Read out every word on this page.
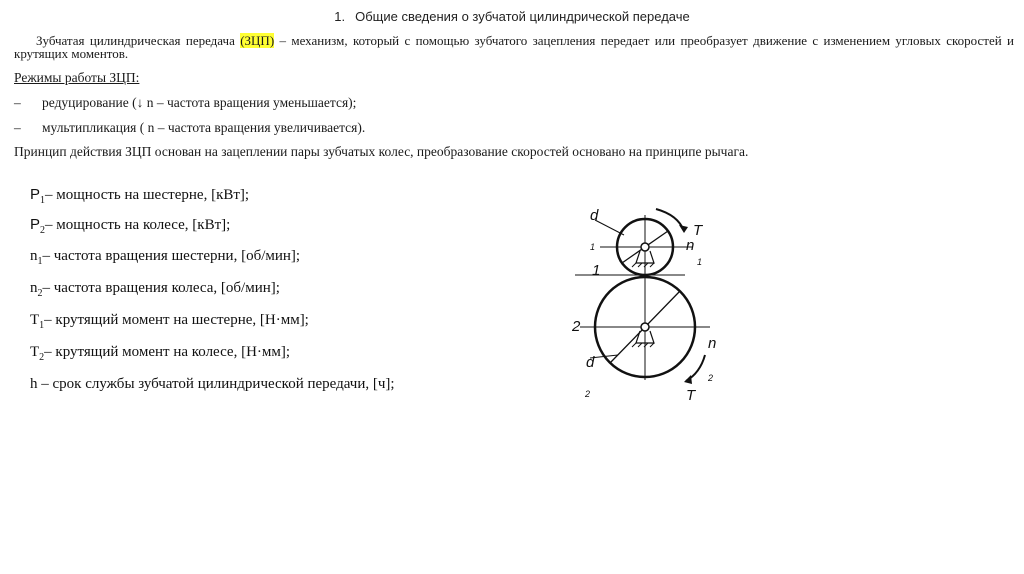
1. Общие сведения о зубчатой цилиндрической передаче
Зубчатая цилиндрическая передача (ЗЦП) – механизм, который с помощью зубчатого зацепления передает или преобразует движение с изменением угловых скоростей и крутящих моментов.
Режимы работы ЗЦП:
– редуцирование (↓ n – частота вращения уменьшается);
– мультипликация ( n – частота вращения увеличивается).
Принцип действия ЗЦП основан на зацеплении пары зубчатых колес, преобразование скоростей основано на принципе рычага.
$P_1-$ мощность на шестерне, [кВт];
$P_2-$ мощность на колесе, [кВт];
$n_1-$ частота вращения шестерни, [об/мин];
$n_2-$ частота вращения колеса, [об/мин];
$T_1-$ крутящий момент на шестерне, [Н·мм];
$T_2-$ крутящий момент на колесе, [Н·мм];
h – срок службы зубчатой цилиндрической передачи, [ч];
d
1
T
n
1
1
2
d
2
n
2
T
